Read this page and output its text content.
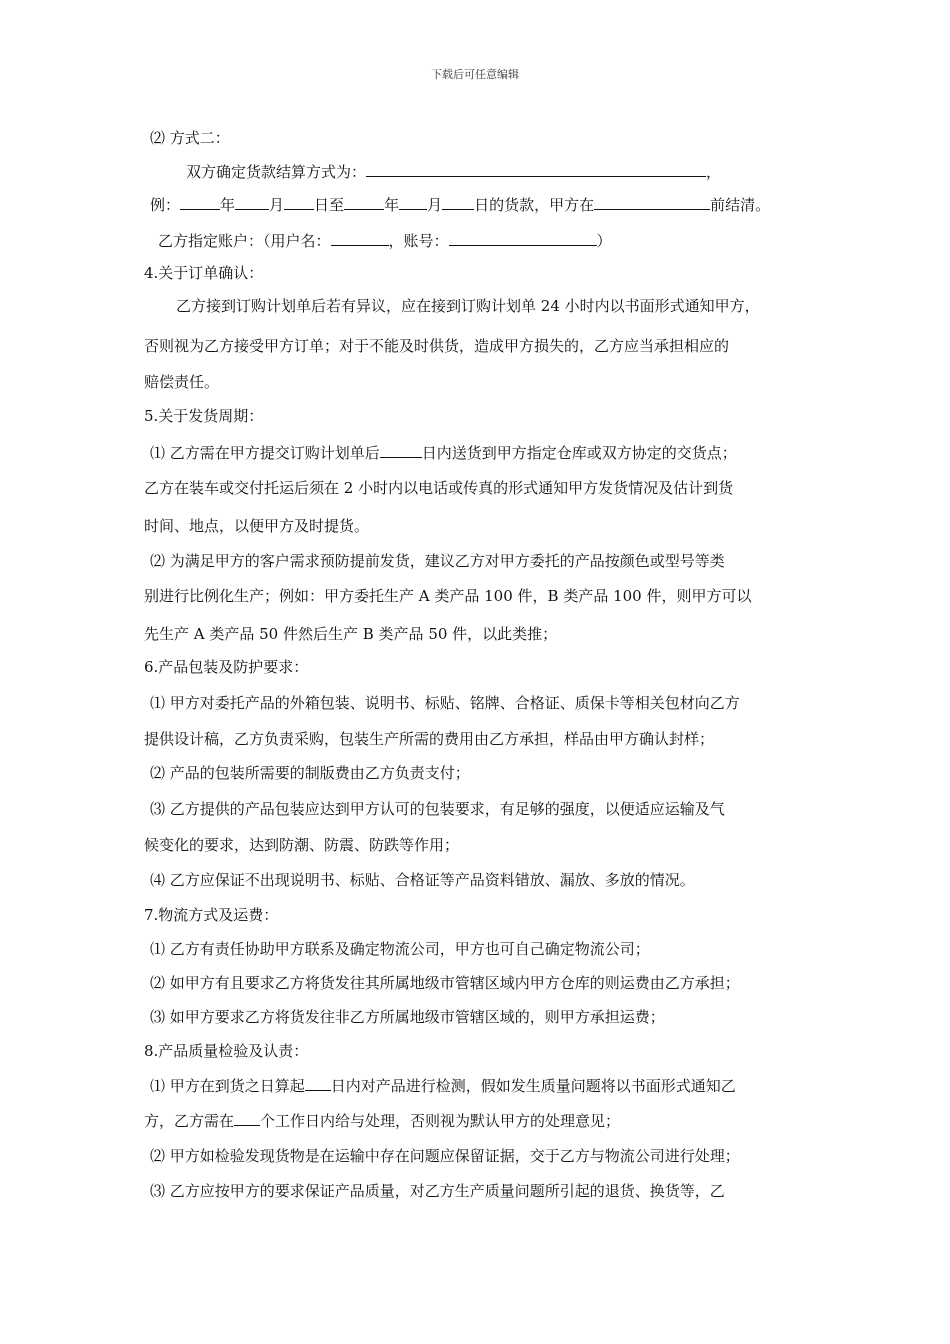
下载后可任意编辑
⑵ 方式二：
双方确定货款结算方式为：	，
例：	年 月 日至	年 月 日的货款，甲方在	前结清。
乙方指定账户：（用户名：	，账号：	）
4.关于订单确认：
乙方接到订购计划单后若有异议，应在接到订购计划单 24 小时内以书面形式通知甲方，
否则视为乙方接受甲方订单；对于不能及时供货，造成甲方损失的，乙方应当承担相应的
赔偿责任。
5.关于发货周期：
⑴ 乙方需在甲方提交订购计划单后	日内送货到甲方指定仓库或双方协定的交货点；
乙方在装车或交付托运后须在 2 小时内以电话或传真的形式通知甲方发货情况及估计到货
时间、地点，以便甲方及时提货。
⑵ 为满足甲方的客户需求预防提前发货，建议乙方对甲方委托的产品按颜色或型号等类
别进行比例化生产；例如：甲方委托生产 A 类产品 100 件，B 类产品 100 件，则甲方可以
先生产 A 类产品 50 件然后生产 B 类产品 50 件，以此类推；
6.产品包装及防护要求：
⑴ 甲方对委托产品的外箱包装、说明书、标贴、铭牌、合格证、质保卡等相关包材向乙方
提供设计稿，乙方负责采购，包装生产所需的费用由乙方承担，样品由甲方确认封样；
⑵ 产品的包装所需要的制版费由乙方负责支付；
⑶ 乙方提供的产品包装应达到甲方认可的包装要求，有足够的强度，以便适应运输及气
候变化的要求，达到防潮、防震、防跌等作用；
⑷ 乙方应保证不出现说明书、标贴、合格证等产品资料错放、漏放、多放的情况。
7.物流方式及运费：
⑴ 乙方有责任协助甲方联系及确定物流公司，甲方也可自己确定物流公司；
⑵ 如甲方有且要求乙方将货发往其所属地级市管辖区域内甲方仓库的则运费由乙方承担；
⑶ 如甲方要求乙方将货发往非乙方所属地级市管辖区域的，则甲方承担运费；
8.产品质量检验及认责：
⑴ 甲方在到货之日算起 日内对产品进行检测，假如发生质量问题将以书面形式通知乙
方，乙方需在 个工作日内给与处理，否则视为默认甲方的处理意见；
⑵ 甲方如检验发现货物是在运输中存在问题应保留证据，交于乙方与物流公司进行处理；
⑶ 乙方应按甲方的要求保证产品质量，对乙方生产质量问题所引起的退货、换货等，乙
